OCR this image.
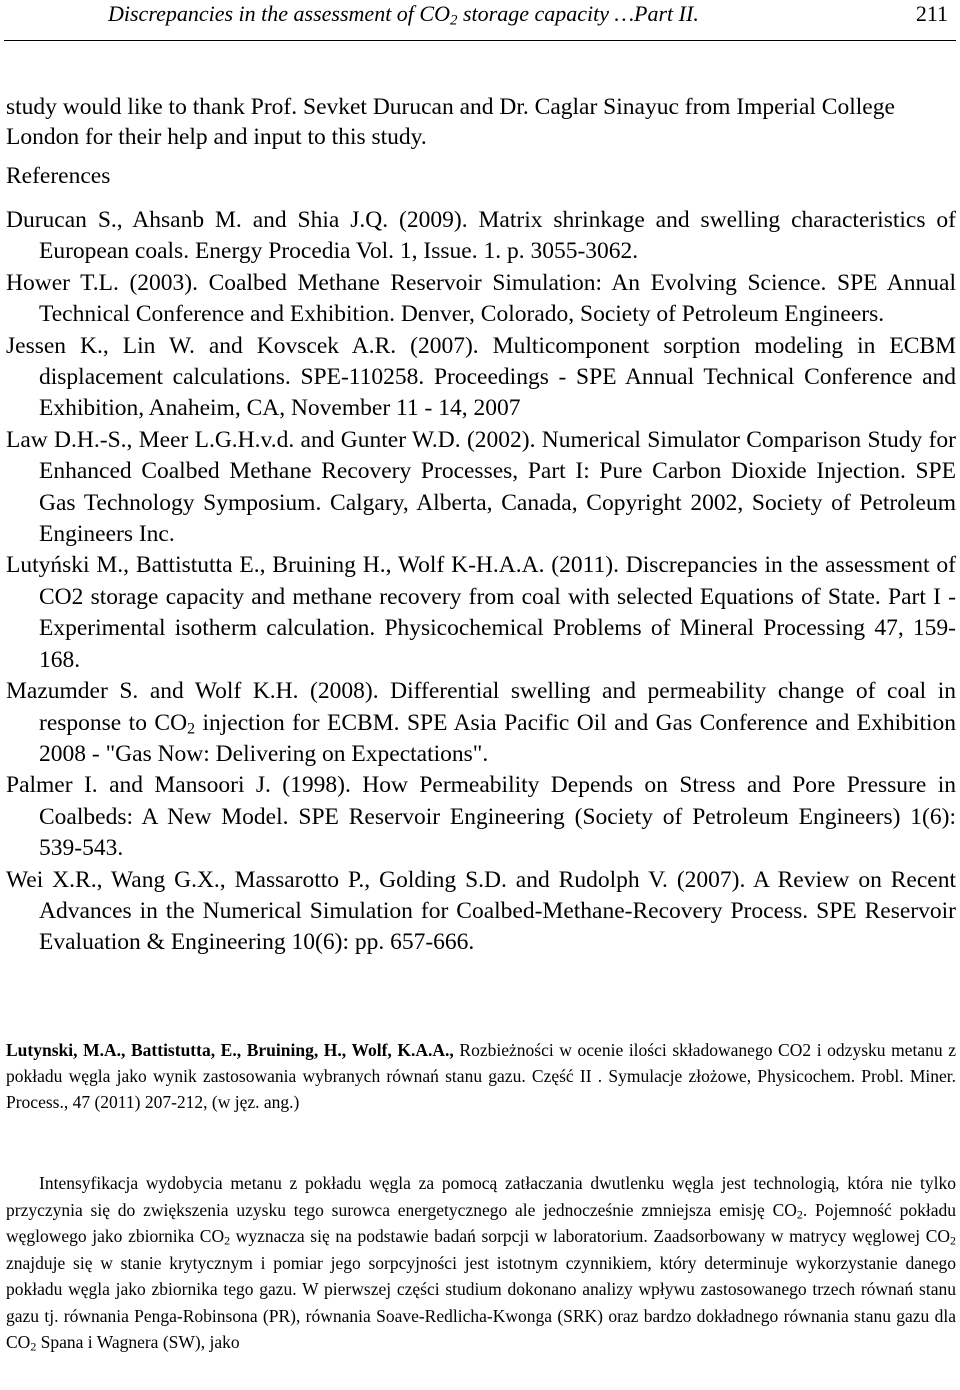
Discrepancies in the assessment of $CO_2$ storage capacity …Part II.	211

study would like to thank Prof. Sevket Durucan and Dr. Caglar Sinayuc from Imperial College London for their help and input to this study.

References
Durucan S., Ahsanb M. and Shia J.Q. (2009). Matrix shrinkage and swelling characteristics of European coals. Energy Procedia Vol. 1, Issue. 1. p. 3055-3062.
Hower T.L. (2003). Coalbed Methane Reservoir Simulation: An Evolving Science. SPE Annual Technical Conference and Exhibition. Denver, Colorado, Society of Petroleum Engineers.
Jessen K., Lin W. and Kovscek A.R. (2007). Multicomponent sorption modeling in ECBM displacement calculations. SPE-110258. Proceedings - SPE Annual Technical Conference and Exhibition, Anaheim, CA, November 11 - 14, 2007
Law D.H.-S., Meer L.G.H.v.d. and Gunter W.D. (2002). Numerical Simulator Comparison Study for Enhanced Coalbed Methane Recovery Processes, Part I: Pure Carbon Dioxide Injection. SPE Gas Technology Symposium. Calgary, Alberta, Canada, Copyright 2002, Society of Petroleum Engineers Inc.
Lutyński M., Battistutta E., Bruining H., Wolf K-H.A.A. (2011). Discrepancies in the assessment of CO2 storage capacity and methane recovery from coal with selected Equations of State. Part I - Experimental isotherm calculation. Physicochemical Problems of Mineral Processing 47, 159-168.
Mazumder S. and Wolf K.H. (2008). Differential swelling and permeability change of coal in response to $CO_2$ injection for ECBM. SPE Asia Pacific Oil and Gas Conference and Exhibition 2008 - "Gas Now: Delivering on Expectations".
Palmer I. and Mansoori J. (1998). How Permeability Depends on Stress and Pore Pressure in Coalbeds: A New Model. SPE Reservoir Engineering (Society of Petroleum Engineers) 1(6): 539-543.
Wei X.R., Wang G.X., Massarotto P., Golding S.D. and Rudolph V. (2007). A Review on Recent Advances in the Numerical Simulation for Coalbed-Methane-Recovery Process. SPE Reservoir Evaluation & Engineering 10(6): pp. 657-666.

Lutynski, M.A., Battistutta, E., Bruining, H., Wolf, K.A.A., Rozbieżności w ocenie ilości składowanego CO2 i odzysku metanu z pokładu węgla jako wynik zastosowania wybranych równań stanu gazu. Część II . Symulacje złożowe, Physicochem. Probl. Miner. Process., 47 (2011) 207-212, (w jęz. ang.)

Intensyfikacja wydobycia metanu z pokładu węgla za pomocą zatłaczania dwutlenku węgla jest technologią, która nie tylko przyczynia się do zwiększenia uzysku tego surowca energetycznego ale jednocześnie zmniejsza emisję $CO_2$. Pojemność pokładu węglowego jako zbiornika $CO_2$ wyznacza się na podstawie badań sorpcji w laboratorium. Zaadsorbowany w matrycy węglowej $CO_2$ znajduje się w stanie krytycznym i pomiar jego sorpcyjności jest istotnym czynnikiem, który determinuje wykorzystanie danego pokładu węgla jako zbiornika tego gazu. W pierwszej części studium dokonano analizy wpływu zastosowanego trzech równań stanu gazu tj. równania Penga-Robinsona (PR), równania Soave-Redlicha-Kwonga (SRK) oraz bardzo dokładnego równania stanu gazu dla $CO_2$ Spana i Wagnera (SW), jako
